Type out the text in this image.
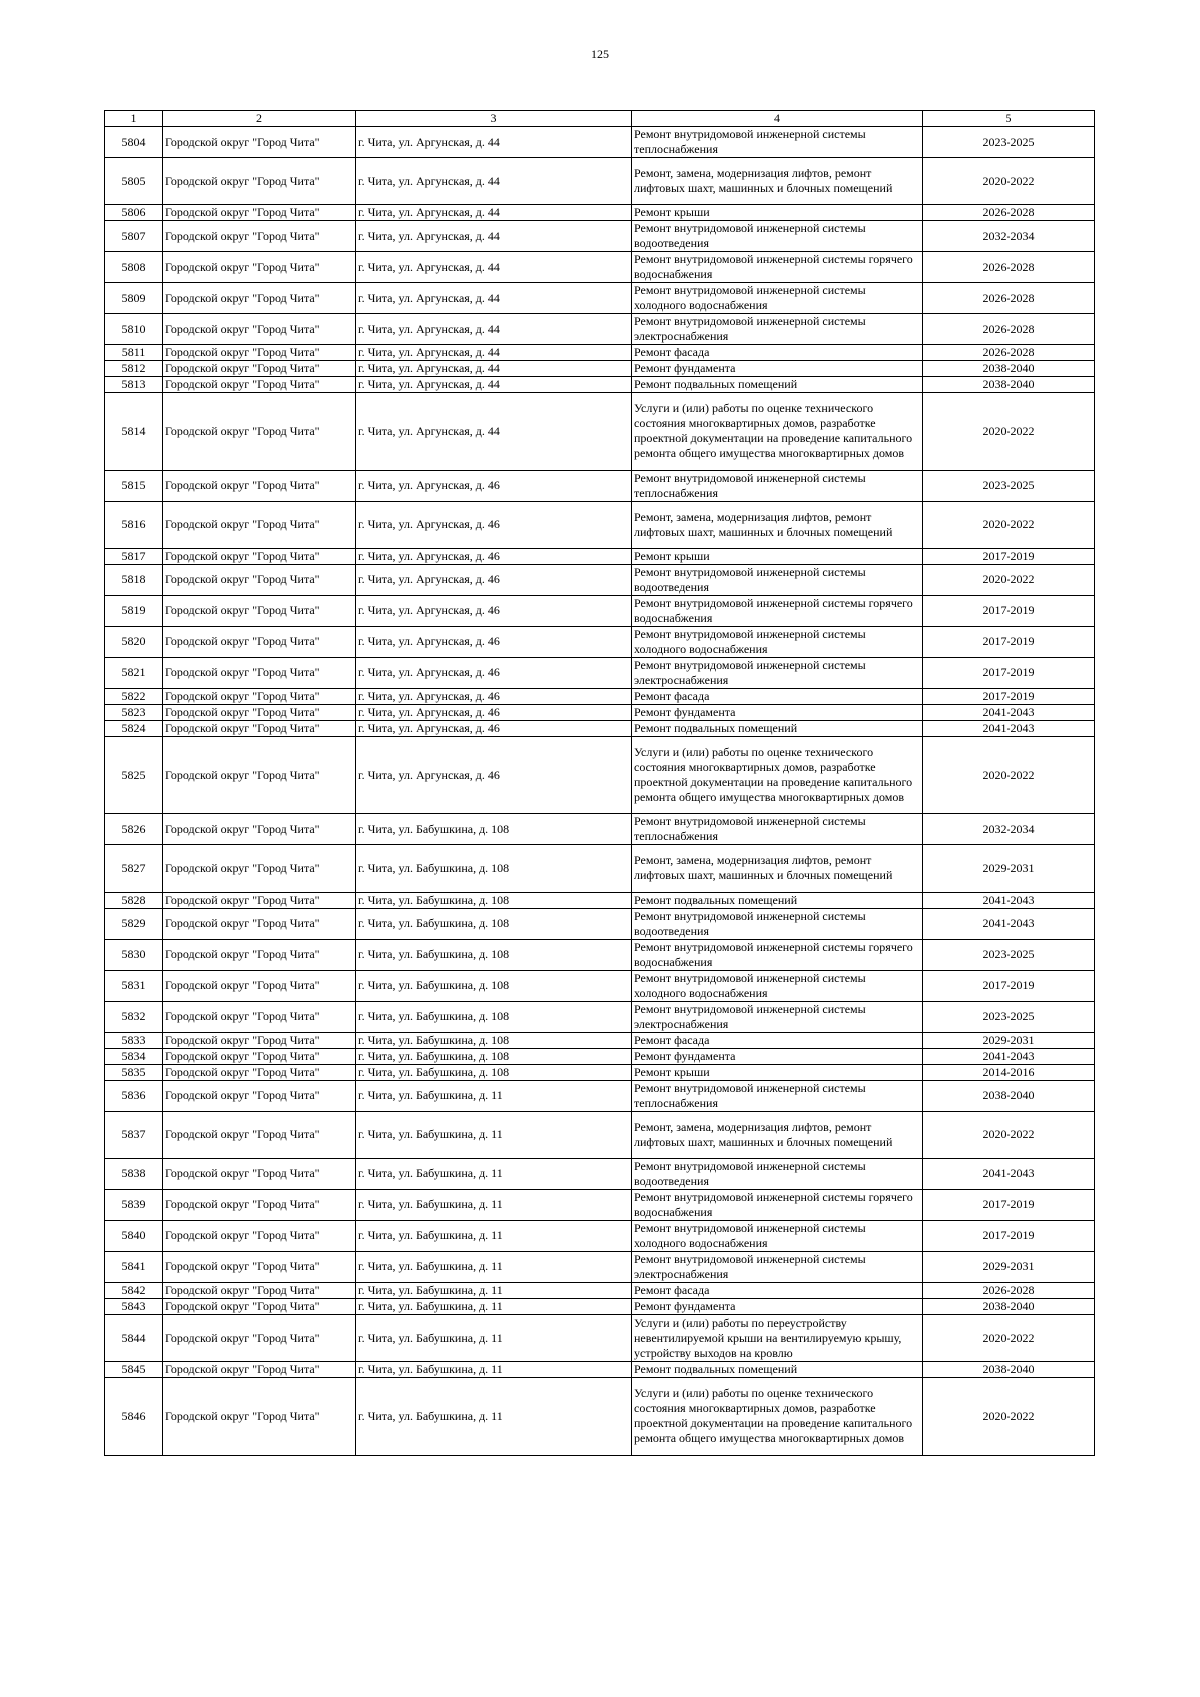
125
1	2	3	4	5
5804	Городской округ "Город Чита"	г. Чита, ул. Аргунская, д. 44	Ремонт внутридомовой инженерной системы теплоснабжения	2023-2025
5805	Городской округ "Город Чита"	г. Чита, ул. Аргунская, д. 44	Ремонт, замена, модернизация лифтов, ремонт лифтовых шахт, машинных и блочных помещений	2020-2022
5806	Городской округ "Город Чита"	г. Чита, ул. Аргунская, д. 44	Ремонт крыши	2026-2028
5807	Городской округ "Город Чита"	г. Чита, ул. Аргунская, д. 44	Ремонт внутридомовой инженерной системы водоотведения	2032-2034
5808	Городской округ "Город Чита"	г. Чита, ул. Аргунская, д. 44	Ремонт внутридомовой инженерной системы горячего водоснабжения	2026-2028
5809	Городской округ "Город Чита"	г. Чита, ул. Аргунская, д. 44	Ремонт внутридомовой инженерной системы холодного водоснабжения	2026-2028
5810	Городской округ "Город Чита"	г. Чита, ул. Аргунская, д. 44	Ремонт внутридомовой инженерной системы электроснабжения	2026-2028
5811	Городской округ "Город Чита"	г. Чита, ул. Аргунская, д. 44	Ремонт фасада	2026-2028
5812	Городской округ "Город Чита"	г. Чита, ул. Аргунская, д. 44	Ремонт фундамента	2038-2040
5813	Городской округ "Город Чита"	г. Чита, ул. Аргунская, д. 44	Ремонт подвальных помещений	2038-2040
5814	Городской округ "Город Чита"	г. Чита, ул. Аргунская, д. 44	Услуги и (или) работы по оценке технического состояния многоквартирных домов, разработке проектной документации на проведение капитального ремонта общего имущества многоквартирных домов	2020-2022
5815	Городской округ "Город Чита"	г. Чита, ул. Аргунская, д. 46	Ремонт внутридомовой инженерной системы теплоснабжения	2023-2025
5816	Городской округ "Город Чита"	г. Чита, ул. Аргунская, д. 46	Ремонт, замена, модернизация лифтов, ремонт лифтовых шахт, машинных и блочных помещений	2020-2022
5817	Городской округ "Город Чита"	г. Чита, ул. Аргунская, д. 46	Ремонт крыши	2017-2019
5818	Городской округ "Город Чита"	г. Чита, ул. Аргунская, д. 46	Ремонт внутридомовой инженерной системы водоотведения	2020-2022
5819	Городской округ "Город Чита"	г. Чита, ул. Аргунская, д. 46	Ремонт внутридомовой инженерной системы горячего водоснабжения	2017-2019
5820	Городской округ "Город Чита"	г. Чита, ул. Аргунская, д. 46	Ремонт внутридомовой инженерной системы холодного водоснабжения	2017-2019
5821	Городской округ "Город Чита"	г. Чита, ул. Аргунская, д. 46	Ремонт внутридомовой инженерной системы электроснабжения	2017-2019
5822	Городской округ "Город Чита"	г. Чита, ул. Аргунская, д. 46	Ремонт фасада	2017-2019
5823	Городской округ "Город Чита"	г. Чита, ул. Аргунская, д. 46	Ремонт фундамента	2041-2043
5824	Городской округ "Город Чита"	г. Чита, ул. Аргунская, д. 46	Ремонт подвальных помещений	2041-2043
5825	Городской округ "Город Чита"	г. Чита, ул. Аргунская, д. 46	Услуги и (или) работы по оценке технического состояния многоквартирных домов, разработке проектной документации на проведение капитального ремонта общего имущества многоквартирных домов	2020-2022
5826	Городской округ "Город Чита"	г. Чита, ул. Бабушкина, д. 108	Ремонт внутридомовой инженерной системы теплоснабжения	2032-2034
5827	Городской округ "Город Чита"	г. Чита, ул. Бабушкина, д. 108	Ремонт, замена, модернизация лифтов, ремонт лифтовых шахт, машинных и блочных помещений	2029-2031
5828	Городской округ "Город Чита"	г. Чита, ул. Бабушкина, д. 108	Ремонт подвальных помещений	2041-2043
5829	Городской округ "Город Чита"	г. Чита, ул. Бабушкина, д. 108	Ремонт внутридомовой инженерной системы водоотведения	2041-2043
5830	Городской округ "Город Чита"	г. Чита, ул. Бабушкина, д. 108	Ремонт внутридомовой инженерной системы горячего водоснабжения	2023-2025
5831	Городской округ "Город Чита"	г. Чита, ул. Бабушкина, д. 108	Ремонт внутридомовой инженерной системы холодного водоснабжения	2017-2019
5832	Городской округ "Город Чита"	г. Чита, ул. Бабушкина, д. 108	Ремонт внутридомовой инженерной системы электроснабжения	2023-2025
5833	Городской округ "Город Чита"	г. Чита, ул. Бабушкина, д. 108	Ремонт фасада	2029-2031
5834	Городской округ "Город Чита"	г. Чита, ул. Бабушкина, д. 108	Ремонт фундамента	2041-2043
5835	Городской округ "Город Чита"	г. Чита, ул. Бабушкина, д. 108	Ремонт крыши	2014-2016
5836	Городской округ "Город Чита"	г. Чита, ул. Бабушкина, д. 11	Ремонт внутридомовой инженерной системы теплоснабжения	2038-2040
5837	Городской округ "Город Чита"	г. Чита, ул. Бабушкина, д. 11	Ремонт, замена, модернизация лифтов, ремонт лифтовых шахт, машинных и блочных помещений	2020-2022
5838	Городской округ "Город Чита"	г. Чита, ул. Бабушкина, д. 11	Ремонт внутридомовой инженерной системы водоотведения	2041-2043
5839	Городской округ "Город Чита"	г. Чита, ул. Бабушкина, д. 11	Ремонт внутридомовой инженерной системы горячего водоснабжения	2017-2019
5840	Городской округ "Город Чита"	г. Чита, ул. Бабушкина, д. 11	Ремонт внутридомовой инженерной системы холодного водоснабжения	2017-2019
5841	Городской округ "Город Чита"	г. Чита, ул. Бабушкина, д. 11	Ремонт внутридомовой инженерной системы электроснабжения	2029-2031
5842	Городской округ "Город Чита"	г. Чита, ул. Бабушкина, д. 11	Ремонт фасада	2026-2028
5843	Городской округ "Город Чита"	г. Чита, ул. Бабушкина, д. 11	Ремонт фундамента	2038-2040
5844	Городской округ "Город Чита"	г. Чита, ул. Бабушкина, д. 11	Услуги и (или) работы по переустройству невентилируемой крыши на вентилируемую крышу, устройству выходов на кровлю	2020-2022
5845	Городской округ "Город Чита"	г. Чита, ул. Бабушкина, д. 11	Ремонт подвальных помещений	2038-2040
5846	Городской округ "Город Чита"	г. Чита, ул. Бабушкина, д. 11	Услуги и (или) работы по оценке технического состояния многоквартирных домов, разработке проектной документации на проведение капитального ремонта общего имущества многоквартирных домов	2020-2022
